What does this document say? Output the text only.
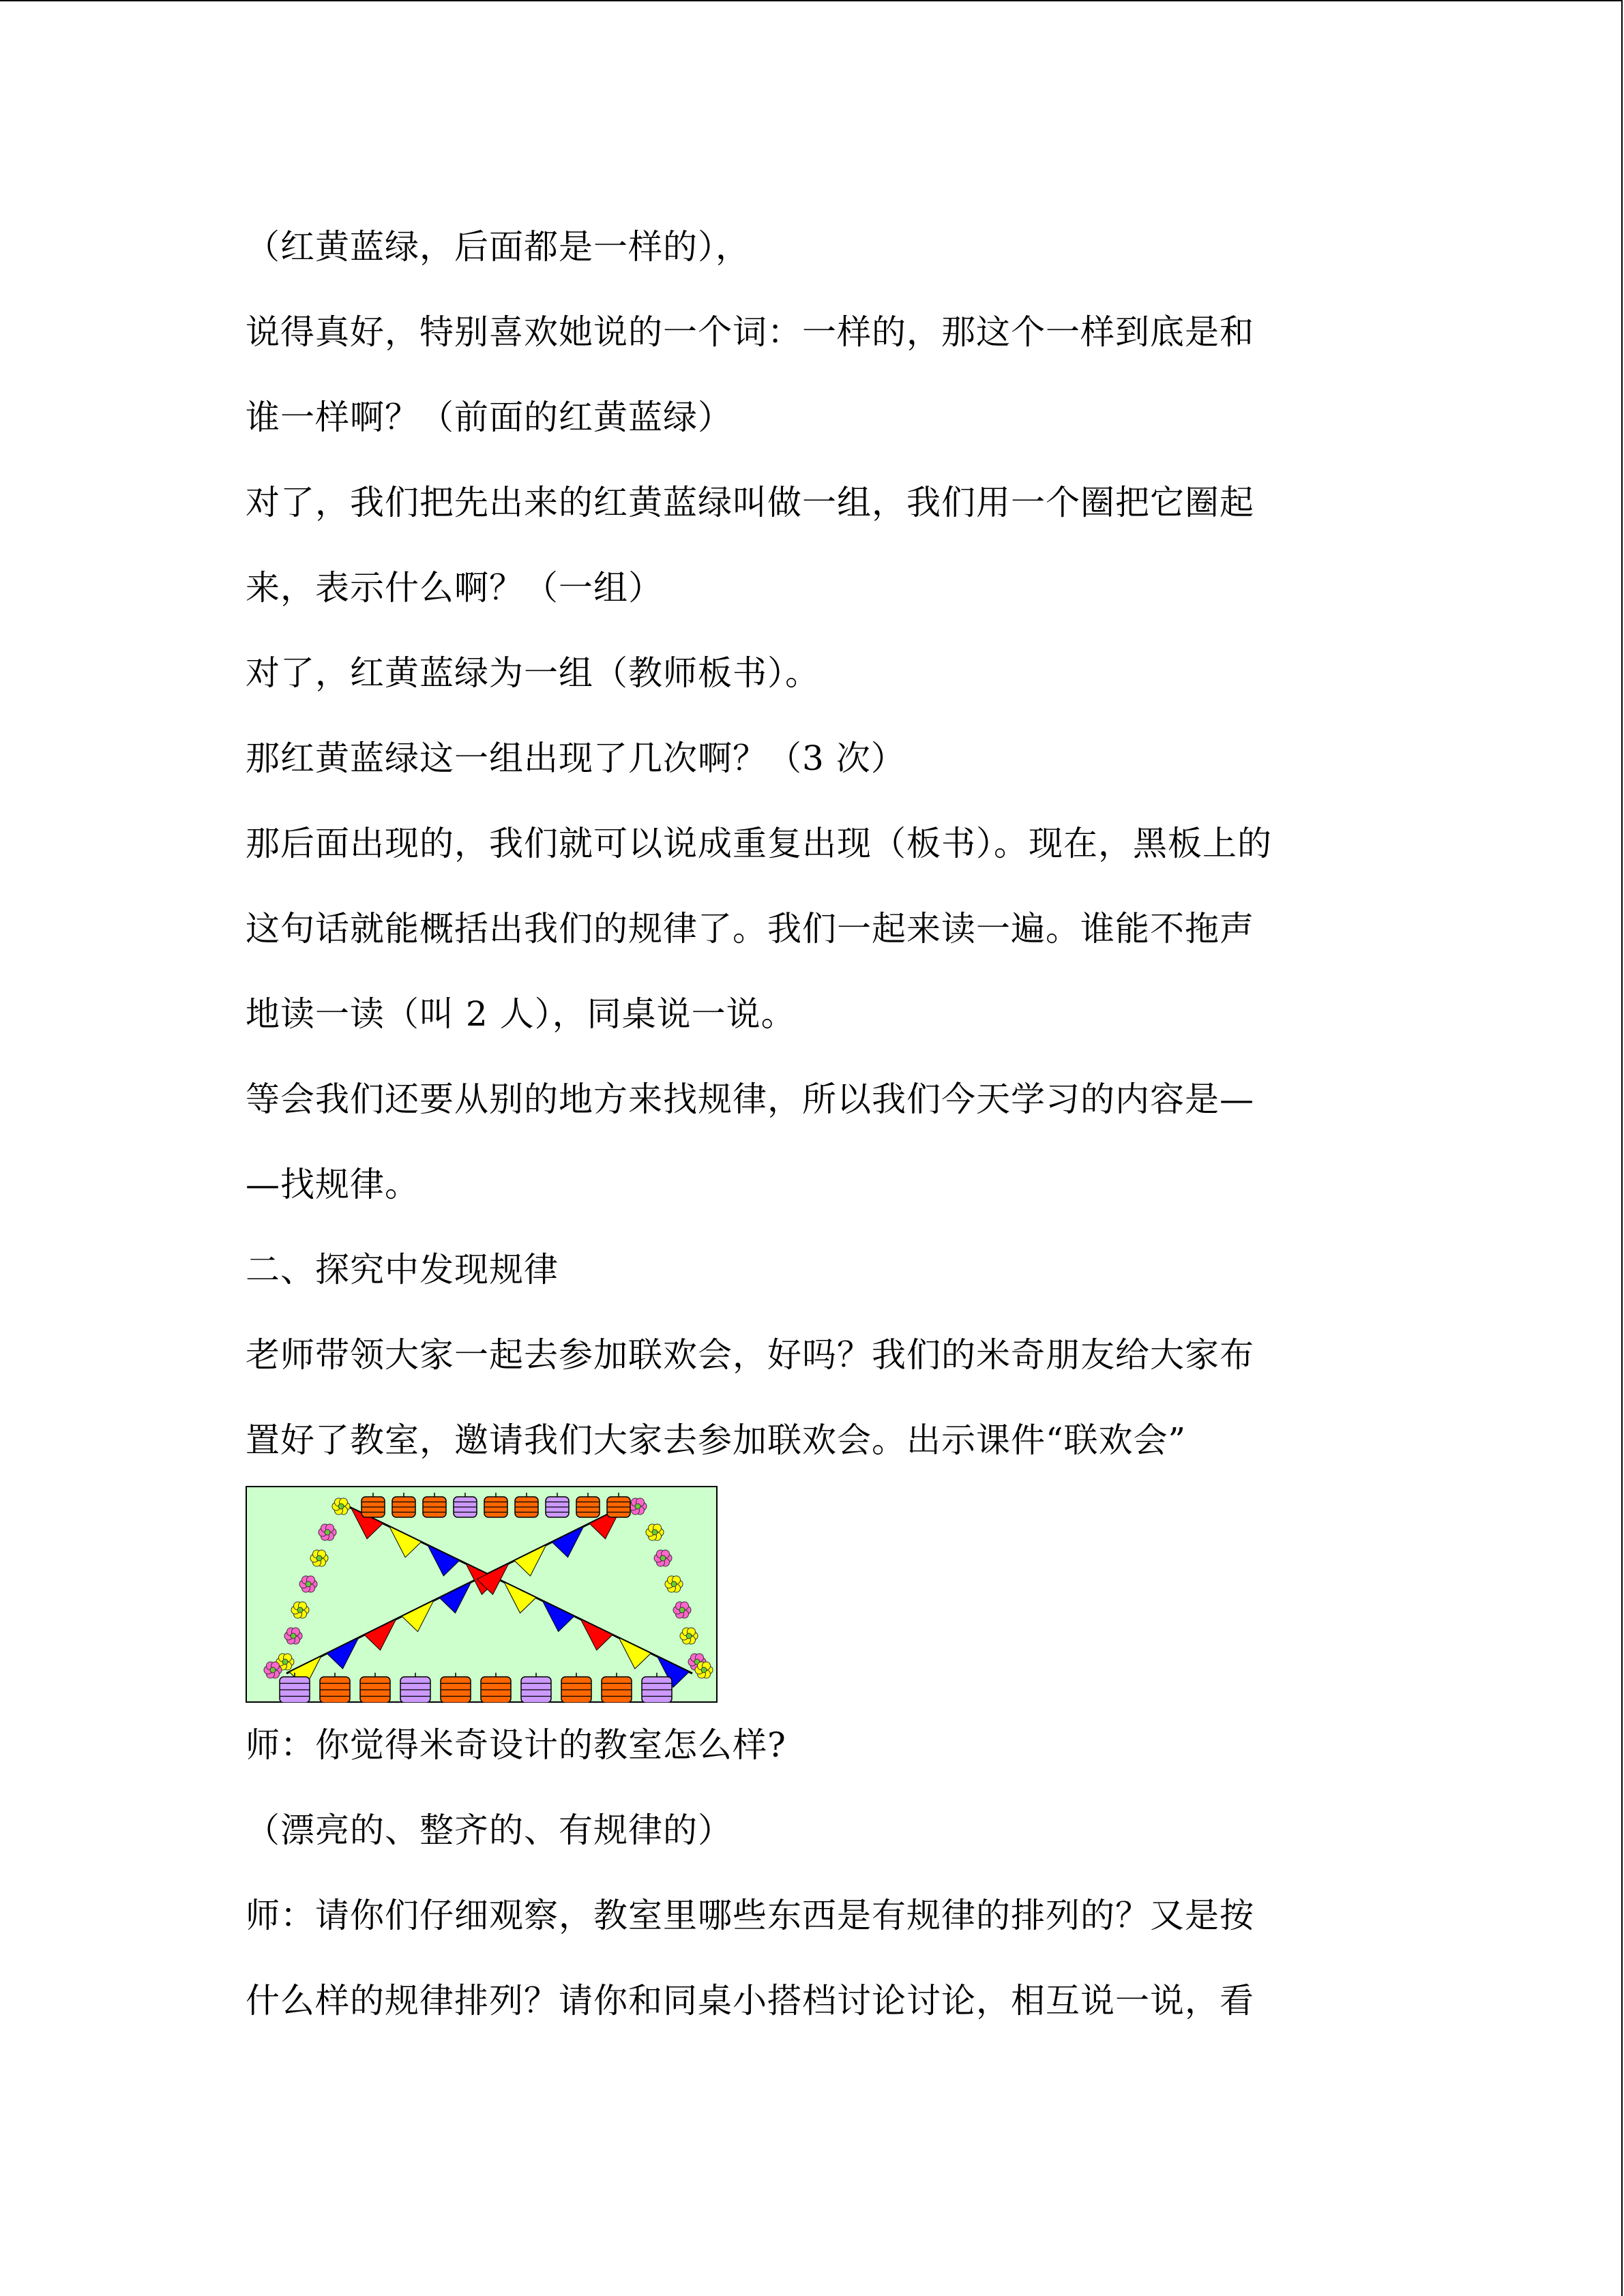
（红黄蓝绿，后面都是一样的），
说得真好，特别喜欢她说的一个词：一样的，那这个一样到底是和
谁一样啊？（前面的红黄蓝绿）
对了，我们把先出来的红黄蓝绿叫做一组，我们用一个圈把它圈起
来，表示什么啊？（一组）
对了，红黄蓝绿为一组（教师板书）。
那红黄蓝绿这一组出现了几次啊？（3 次）
那后面出现的，我们就可以说成重复出现（板书）。现在，黑板上的
这句话就能概括出我们的规律了。我们一起来读一遍。谁能不拖声
地读一读（叫 2 人），同桌说一说。
等会我们还要从别的地方来找规律，所以我们今天学习的内容是—
—找规律。
二、探究中发现规律
老师带领大家一起去参加联欢会，好吗？我们的米奇朋友给大家布
置好了教室，邀请我们大家去参加联欢会。出示课件“联欢会”
师：你觉得米奇设计的教室怎么样?
（漂亮的、整齐的、有规律的）
师：请你们仔细观察，教室里哪些东西是有规律的排列的？又是按
什么样的规律排列？请你和同桌小搭档讨论讨论，相互说一说，看
